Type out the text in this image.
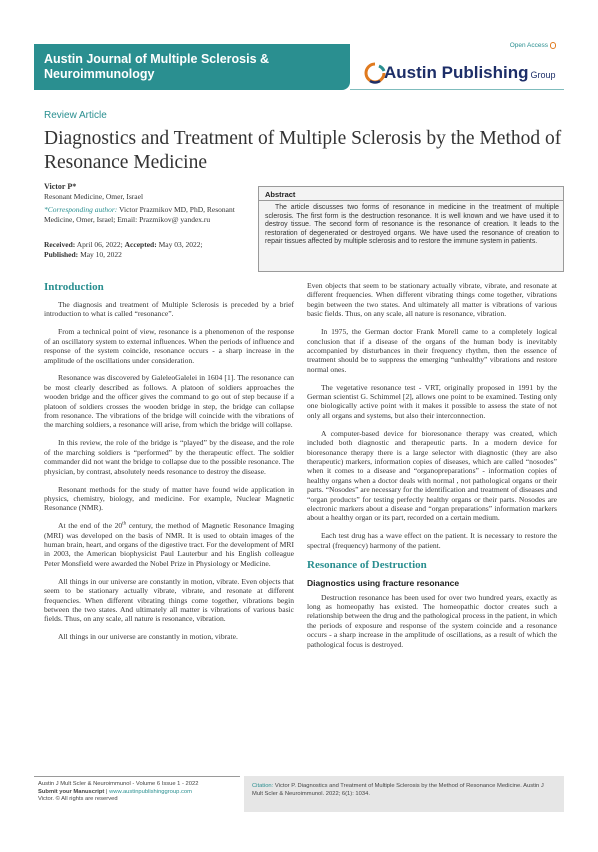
Austin Journal of Multiple Sclerosis & Neuroimmunology
Open Access
Austin Publishing Group
Review Article
Diagnostics and Treatment of Multiple Sclerosis by the Method of Resonance Medicine
Victor P*
Resonant Medicine, Omer, Israel
*Corresponding author: Victor Prazmikov MD, PhD, Resonant Medicine, Omer, Israel; Email: Prazmikov@ yandex.ru
Received: April 06, 2022; Accepted: May 03, 2022;
Published: May 10, 2022
Abstract
The article discusses two forms of resonance in medicine in the treatment of multiple sclerosis. The first form is the destruction resonance. It is well known and we have used it to destroy tissue. The second form of resonance is the resonance of creation. It leads to the restoration of degenerated or destroyed organs. We have used the resonance of creation to repair tissues affected by multiple sclerosis and to restore the immune system in patients.
Introduction

The diagnosis and treatment of Multiple Sclerosis is preceded by a brief introduction to what is called “resonance”.

From a technical point of view, resonance is a phenomenon of the response of an oscillatory system to external influences. When the periods of influence and response of the system coincide, resonance occurs - a sharp increase in the amplitude of the oscillations under consideration.

Resonance was discovered by GaleleoGalelei in 1604 [1]. The resonance can be most clearly described as follows. A platoon of soldiers approaches the wooden bridge and the officer gives the command to go out of step because if a platoon of soldiers crosses the wooden bridge in step, the bridge can collapse from resonance. The vibrations of the bridge will coincide with the vibrations of the marching soldiers, a resonance will arise, from which the bridge will collapse.

In this review, the role of the bridge is “played” by the disease, and the role of the marching soldiers is “performed” by the therapeutic effect. The soldier commander did not want the bridge to collapse due to the possible resonance. The physician, by contrast, absolutely needs resonance to destroy the disease.

Resonant methods for the study of matter have found wide application in physics, chemistry, biology, and medicine. For example, Nuclear Magnetic Resonance (NMR).

At the end of the 20th century, the method of Magnetic Resonance Imaging (MRI) was developed on the basis of NMR. It is used to obtain images of the human brain, heart, and organs of the digestive tract. For the development of MRI in 2003, the American biophysicist Paul Lauterbur and his English colleague Peter Monsfield were awarded the Nobel Prize in Physiology or Medicine.

All things in our universe are constantly in motion, vibrate. Even objects that seem to be stationary actually vibrate, vibrate, and resonate at different frequencies. When different vibrating things come together, vibrations begin between the two states. And ultimately all matter is vibrations of various basic fields. Thus, on any scale, all nature is resonance, vibration.

All things in our universe are constantly in motion, vibrate.

Even objects that seem to be stationary actually vibrate, vibrate, and resonate at different frequencies. When different vibrating things come together, vibrations begin between the two states. And ultimately all matter is vibrations of various basic fields. Thus, on any scale, all nature is resonance, vibration.

In 1975, the German doctor Frank Morell came to a completely logical conclusion that if a disease of the organs of the human body is inevitably accompanied by disturbances in their frequency rhythm, then the essence of treatment should be to suppress the emerging “unhealthy” vibrations and restore normal ones.

The vegetative resonance test - VRT, originally proposed in 1991 by the German scientist G. Schimmel [2], allows one point to be examined. Testing only one biologically active point with it makes it possible to assess the state of not only all organs and systems, but also their interconnection.

A computer-based device for bioresonance therapy was created, which included both diagnostic and therapeutic parts. In a modern device for bioresonance therapy there is a large selector with diagnostic (they are also therapeutic) markers, information copies of diseases, which are called “nosodes” when it comes to a disease and “organopreparations” - information copies of healthy organs when a doctor deals with normal , not pathological organs or their parts. “Nosodes” are necessary for the identification and treatment of diseases and “organ products” for testing perfectly healthy organs or their parts. Nosodes are electronic markers about a disease and “organ preparations” information markers about a healthy organ or its part, recorded on a certain medium.

Each test drug has a wave effect on the patient. It is necessary to restore the spectral (frequency) harmony of the patient.

Resonance of Destruction
Diagnostics using fracture resonance

Destruction resonance has been used for over two hundred years, exactly as long as homeopathy has existed. The homeopathic doctor creates such a relationship between the drug and the pathological process in the patient, in which the periods of exposure and response of the system coincide and a resonance occurs - a sharp increase in the amplitude of oscillations, as a result of which the pathological focus is destroyed.

Austin J Mult Scler & Neuroimmunol - Volume 6 Issue 1 - 2022
Submit your Manuscript | www.austinpublishinggroup.com
Victor. © All rights are reserved
Citation: Victor P. Diagnostics and Treatment of Multiple Sclerosis by the Method of Resonance Medicine. Austin J Mult Scler & Neuroimmunol. 2022; 6(1): 1034.
